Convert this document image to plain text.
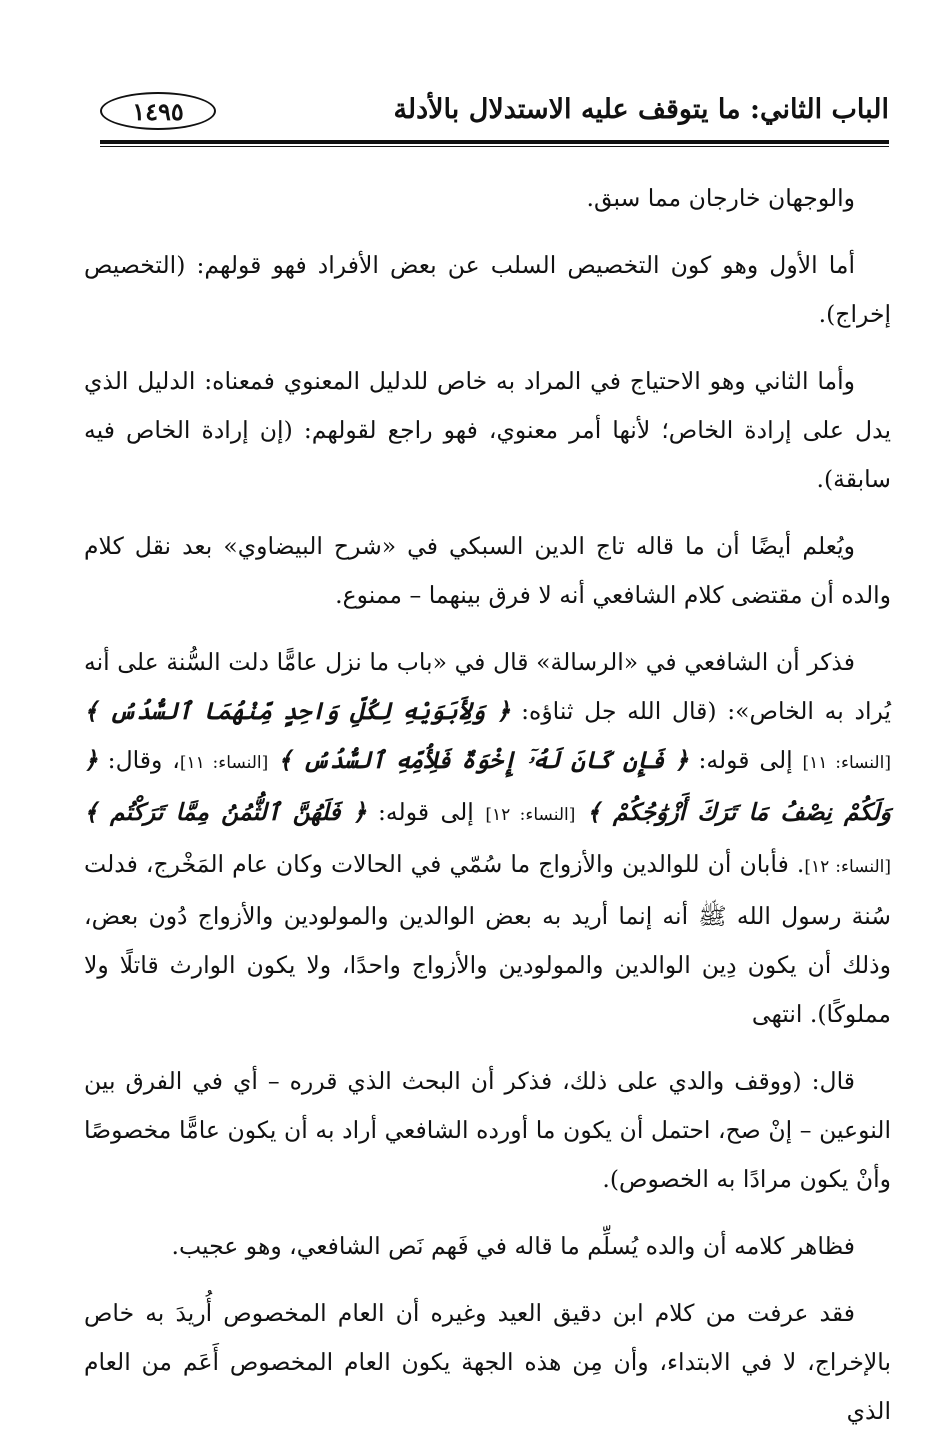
الباب الثاني: ما يتوقف عليه الاستدلال بالأدلة
١٤٩٥

والوجهان خارجان مما سبق.

أما الأول وهو كون التخصيص السلب عن بعض الأفراد فهو قولهم: (التخصيص إخراج).

وأما الثاني وهو الاحتياج في المراد به خاص للدليل المعنوي فمعناه: الدليل الذي يدل على إرادة الخاص؛ لأنها أمر معنوي، فهو راجع لقولهم: (إن إرادة الخاص فيه سابقة).

ويُعلم أيضًا أن ما قاله تاج الدين السبكي في «شرح البيضاوي» بعد نقل كلام والده أن مقتضى كلام الشافعي أنه لا فرق بينهما – ممنوع.

فذكر أن الشافعي في «الرسالة» قال في «باب ما نزل عامًّا دلت السُّنة على أنه يُراد به الخاص»: (قال الله جل ثناؤه: ﴿ وَلِأَبَوَيْهِ لِكُلِّ وَاحِدٍ مِّنْهُمَا ٱلسُّدُسُ ﴾ [النساء: ١١] إلى قوله: ﴿ فَإِن كَانَ لَهُۥٓ إِخْوَةٌ فَلِأُمِّهِ ٱلسُّدُسُ ﴾ [النساء: ١١]، وقال: ﴿ وَلَكُمْ نِصْفُ مَا تَرَكَ أَزْوَٰجُكُمْ ﴾ [النساء: ١٢] إلى قوله: ﴿ فَلَهُنَّ ٱلثُّمُنُ مِمَّا تَرَكْتُم ﴾ [النساء: ١٢]. فأبان أن للوالدين والأزواج ما سُمّي في الحالات وكان عام المَخْرج، فدلت سُنة رسول الله ﷺ أنه إنما أريد به بعض الوالدين والمولودين والأزواج دُون بعض، وذلك أن يكون دِين الوالدين والمولودين والأزواج واحدًا، ولا يكون الوارث قاتلًا ولا مملوكًا). انتهى

قال: (ووقف والدي على ذلك، فذكر أن البحث الذي قرره – أي في الفرق بين النوعين – إنْ صح، احتمل أن يكون ما أورده الشافعي أراد به أن يكون عامًّا مخصوصًا وأنْ يكون مرادًا به الخصوص).

فظاهر كلامه أن والده يُسلِّم ما قاله في فَهم نَص الشافعي، وهو عجيب.

فقد عرفت من كلام ابن دقيق العيد وغيره أن العام المخصوص أُريدَ به خاص بالإخراج، لا في الابتداء، وأن مِن هذه الجهة يكون العام المخصوص أَعَم من العام الذي
